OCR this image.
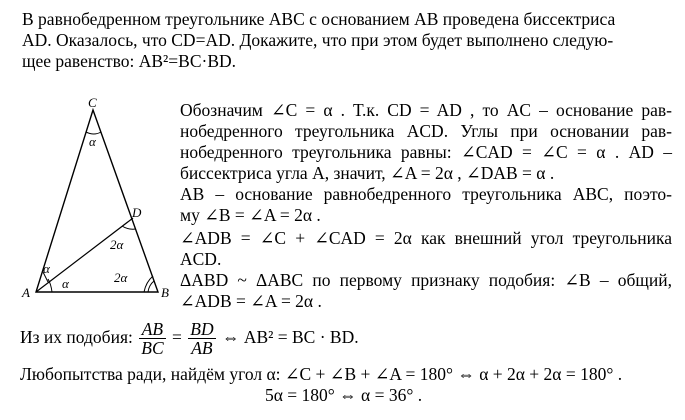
В равнобедренном треугольнике ABC с основанием AB проведена биссектриса
AD. Оказалось, что CD=AD. Докажите, что при этом будет выполнено следую-
щее равенство: AB²=BC·BD.
C
A	B
D
α
α
α
2α
2α
Обозначим ∠C = α . Т.к. CD = AD , то AC – основание рав-
нобедренного треугольника ACD. Углы при основании рав-
нобедренного треугольника равны: ∠CAD = ∠C = α . AD –
биссектриса угла A, значит, ∠A = 2α , ∠DAB = α .
AB – основание равнобедренного треугольника ABC, поэто-
му ∠B = ∠A = 2α .
∠ADB = ∠C + ∠CAD = 2α как внешний угол треугольника
ACD.
ΔABD ~ ΔABC по первому признаку подобия: ∠B – общий,
∠ADB = ∠A = 2α .
Из их подобия: $\frac{AB}{BC} = \frac{BD}{AB}$ ⇔ AB² = BC · BD.
Любопытства ради, найдём угол α: ∠C + ∠B + ∠A = 180° ⇔ α + 2α + 2α = 180° .
5α = 180° ⇔ α = 36° .
